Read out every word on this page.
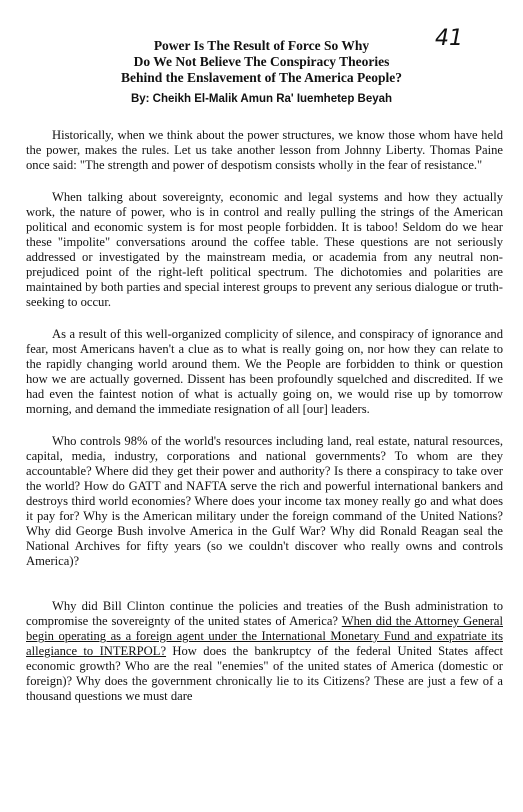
41
Power Is The Result of Force So Why
Do We Not Believe The Conspiracy Theories
Behind the Enslavement of The America People?
By: Cheikh El-Malik Amun Ra' Iuemhetep Beyah

Historically, when we think about the power structures, we know those whom have held the power, makes the rules. Let us take another lesson from Johnny Liberty. Thomas Paine once said: "The strength and power of despotism consists wholly in the fear of resistance."

When talking about sovereignty, economic and legal systems and how they actually work, the nature of power, who is in control and really pulling the strings of the American political and economic system is for most people forbidden. It is taboo! Seldom do we hear these "impolite" conversations around the coffee table. These questions are not seriously addressed or investigated by the mainstream media, or academia from any neutral non-prejudiced point of the right-left political spectrum. The dichotomies and polarities are maintained by both parties and special interest groups to prevent any serious dialogue or truth-seeking to occur.

As a result of this well-organized complicity of silence, and conspiracy of ignorance and fear, most Americans haven't a clue as to what is really going on, nor how they can relate to the rapidly changing world around them. We the People are forbidden to think or question how we are actually governed. Dissent has been profoundly squelched and discredited. If we had even the faintest notion of what is actually going on, we would rise up by tomorrow morning, and demand the immediate resignation of all [our] leaders.

Who controls 98% of the world's resources including land, real estate, natural resources, capital, media, industry, corporations and national governments? To whom are they accountable? Where did they get their power and authority? Is there a conspiracy to take over the world? How do GATT and NAFTA serve the rich and powerful international bankers and destroys third world economies? Where does your income tax money really go and what does it pay for? Why is the American military under the foreign command of the United Nations? Why did George Bush involve America in the Gulf War? Why did Ronald Reagan seal the National Archives for fifty years (so we couldn't discover who really owns and controls America)?

Why did Bill Clinton continue the policies and treaties of the Bush administration to compromise the sovereignty of the united states of America? When did the Attorney General begin operating as a foreign agent under the International Monetary Fund and expatriate its allegiance to INTERPOL? How does the bankruptcy of the federal United States affect economic growth? Who are the real "enemies" of the united states of America (domestic or foreign)? Why does the government chronically lie to its Citizens? These are just a few of a thousand questions we must dare
